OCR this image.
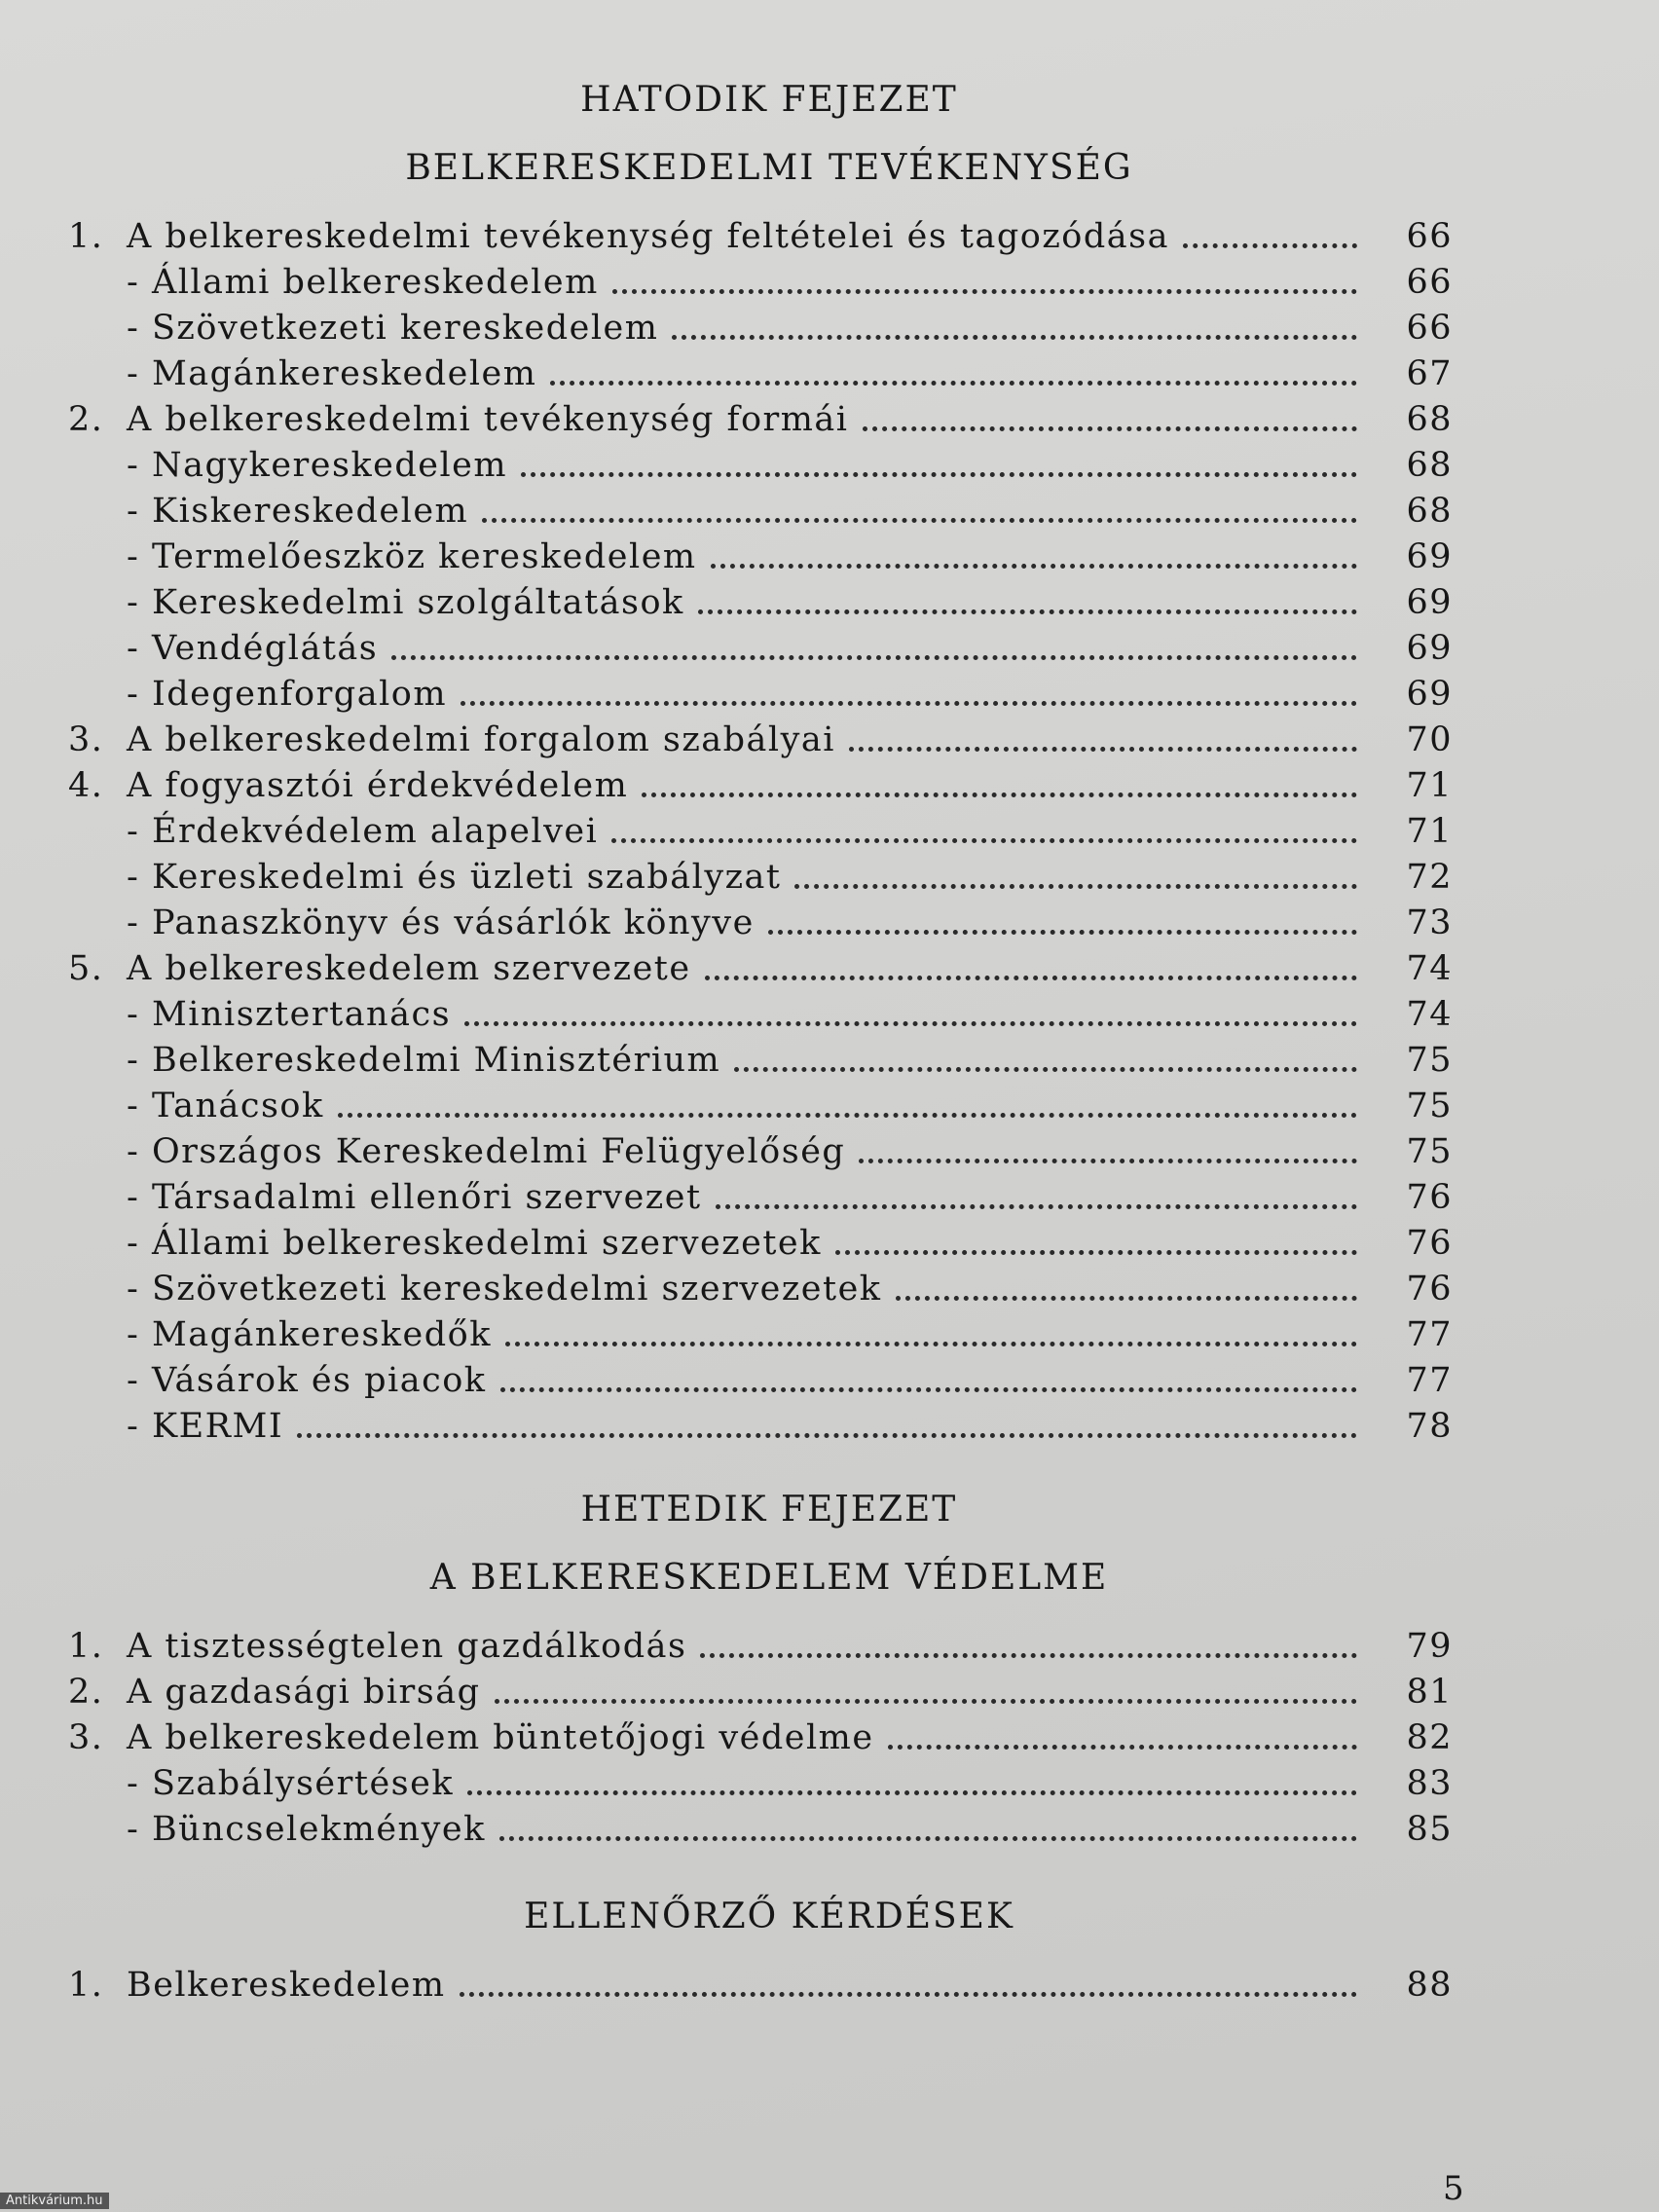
HATODIK FEJEZET
BELKERESKEDELMI TEVÉKENYSÉG
1. A belkereskedelmi tevékenység feltételei és tagozódása	66
- Állami belkereskedelem	66
- Szövetkezeti kereskedelem	66
- Magánkereskedelem	67
2. A belkereskedelmi tevékenység formái	68
- Nagykereskedelem	68
- Kiskereskedelem	68
- Termelőeszköz kereskedelem	69
- Kereskedelmi szolgáltatások	69
- Vendéglátás	69
- Idegenforgalom	69
3. A belkereskedelmi forgalom szabályai	70
4. A fogyasztói érdekvédelem	71
- Érdekvédelem alapelvei	71
- Kereskedelmi és üzleti szabályzat	72
- Panaszkönyv és vásárlók könyve	73
5. A belkereskedelem szervezete	74
- Minisztertanács	74
- Belkereskedelmi Minisztérium	75
- Tanácsok	75
- Országos Kereskedelmi Felügyelőség	75
- Társadalmi ellenőri szervezet	76
- Állami belkereskedelmi szervezetek	76
- Szövetkezeti kereskedelmi szervezetek	76
- Magánkereskedők	77
- Vásárok és piacok	77
- KERMI	78
HETEDIK FEJEZET
A BELKERESKEDELEM VÉDELME
1. A tisztességtelen gazdálkodás	79
2. A gazdasági birság	81
3. A belkereskedelem büntetőjogi védelme	82
- Szabálysértések	83
- Büncselekmények	85
ELLENŐRZŐ KÉRDÉSEK
1. Belkereskedelem	88
5
Antikvárium.hu
